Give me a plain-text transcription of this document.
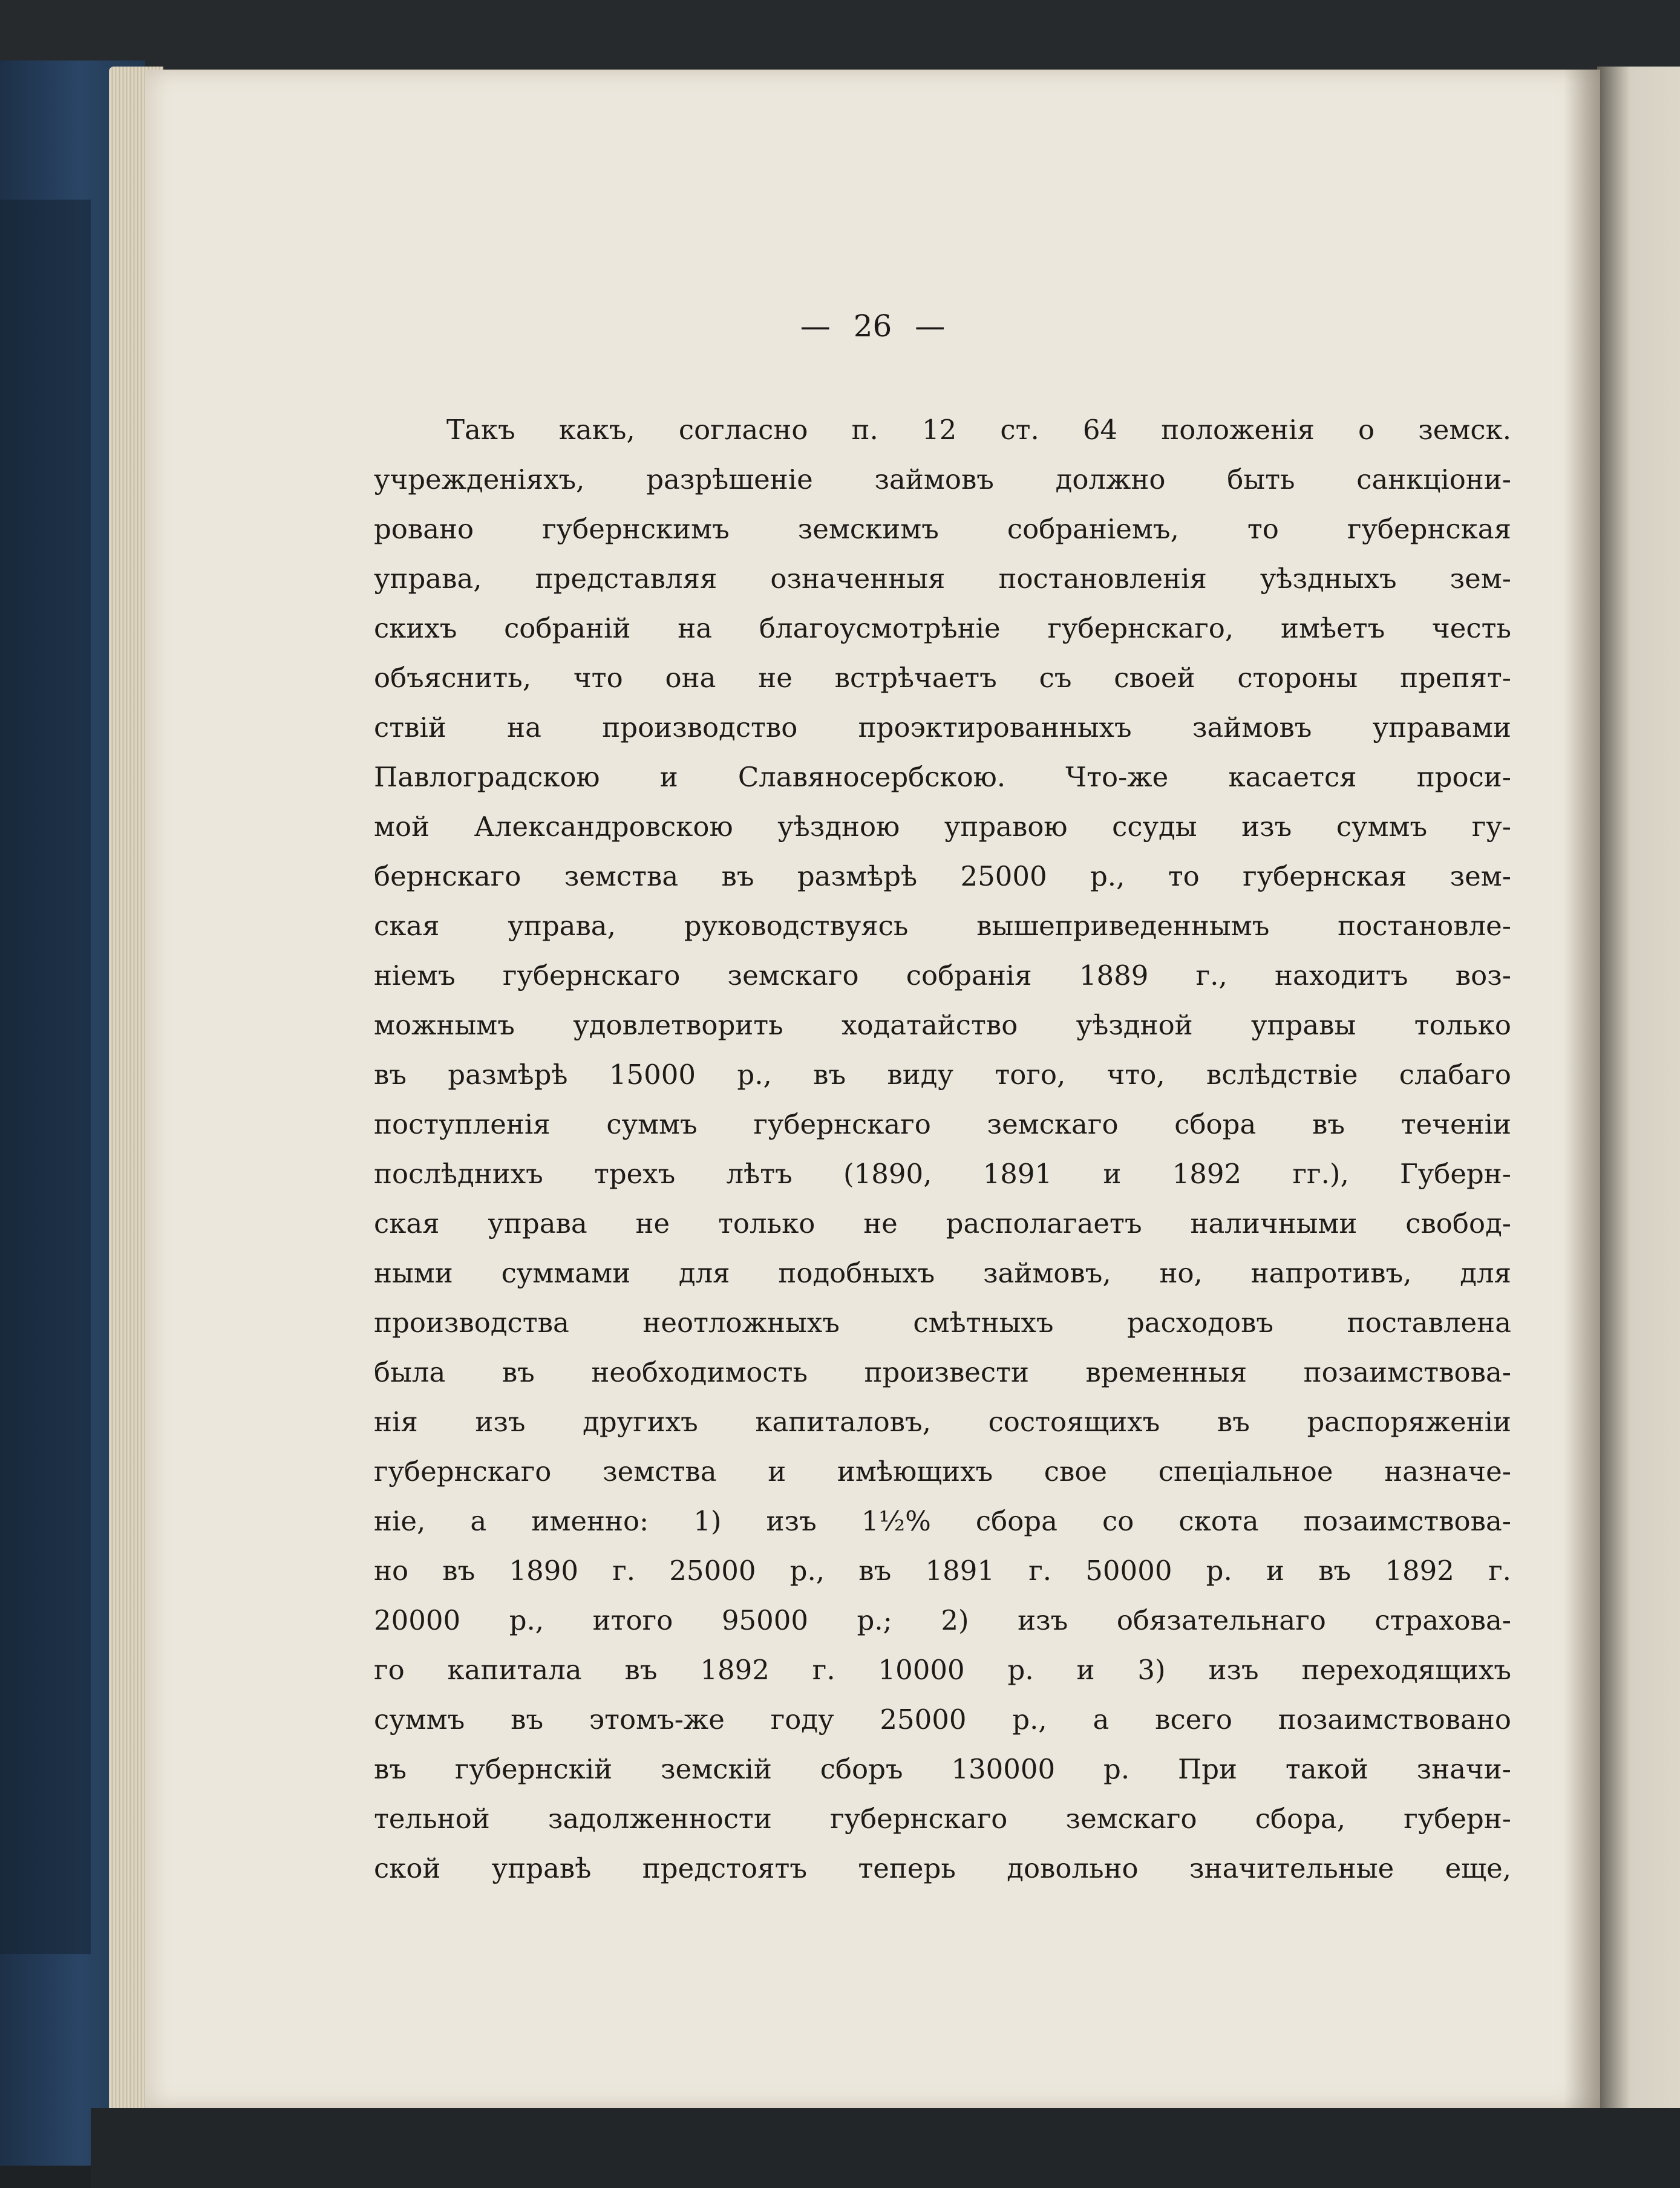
— 26 —

Такъ какъ, согласно п. 12 ст. 64 положенія о земск.
учрежденіяхъ, разрѣшеніе займовъ должно быть санкціони-
ровано губернскимъ земскимъ собраніемъ, то губернская
управа, представляя означенныя постановленія уѣздныхъ зем-
скихъ собраній на благоусмотрѣніе губернскаго, имѣетъ честь
объяснить, что она не встрѣчаетъ съ своей стороны препят-
ствій на производство проэктированныхъ займовъ управами
Павлоградскою и Славяносербскою. Что-же касается проси-
мой Александровскою уѣздною управою ссуды изъ суммъ гу-
бернскаго земства въ размѣрѣ 25000 р., то губернская зем-
ская управа, руководствуясь вышеприведеннымъ постановле-
ніемъ губернскаго земскаго собранія 1889 г., находитъ воз-
можнымъ удовлетворить ходатайство уѣздной управы только
въ размѣрѣ 15000 р., въ виду того, что, вслѣдствіе слабаго
поступленія суммъ губернскаго земскаго сбора въ теченіи
послѣднихъ трехъ лѣтъ (1890, 1891 и 1892 гг.), Губерн-
ская управа не только не располагаетъ наличными свобод-
ными суммами для подобныхъ займовъ, но, напротивъ, для
производства неотложныхъ смѣтныхъ расходовъ поставлена
была въ необходимость произвести временныя позаимствова-
нія изъ другихъ капиталовъ, состоящихъ въ распоряженіи
губернскаго земства и имѣющихъ свое спеціальное назначе-
ніе, а именно: 1) изъ 1½% сбора со скота позаимствова-
но въ 1890 г. 25000 р., въ 1891 г. 50000 р. и въ 1892 г.
20000 р., итого 95000 р.; 2) изъ обязательнаго страхова-
го капитала въ 1892 г. 10000 р. и 3) изъ переходящихъ
суммъ въ этомъ-же году 25000 р., а всего позаимствовано
въ губернскій земскій сборъ 130000 р. При такой значи-
тельной задолженности губернскаго земскаго сбора, губерн-
ской управѣ предстоятъ теперь довольно значительные еще,
